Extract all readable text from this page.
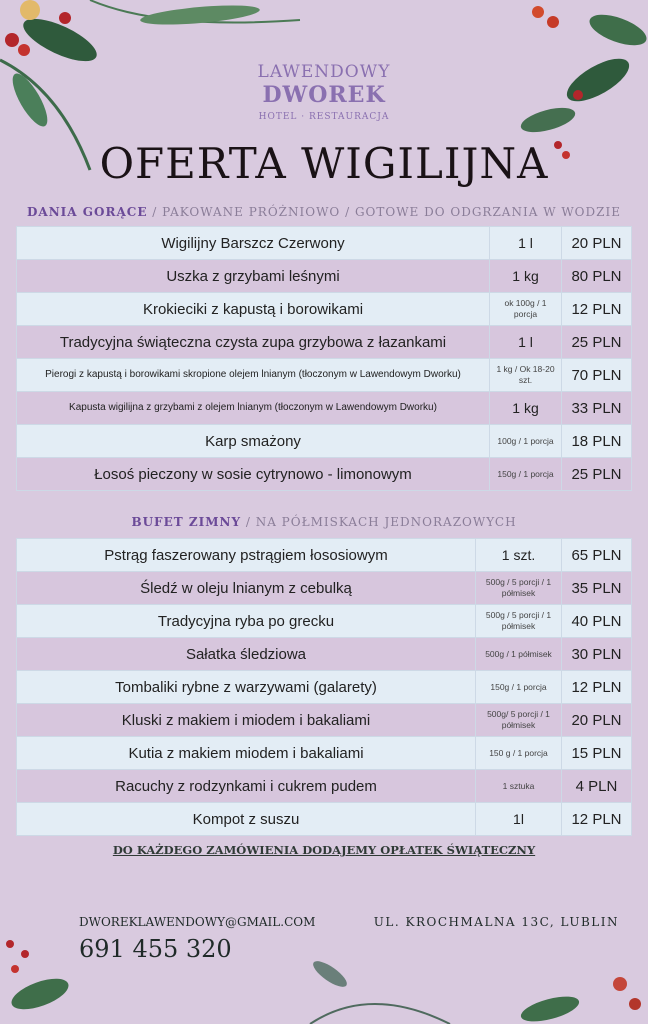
LAWENDOWY
DWOREK
HOTEL · RESTAURACJA
OFERTA WIGILIJNA
DANIA GORĄCE / PAKOWANE PRÓŻNIOWO / GOTOWE DO ODGRZANIA W WODZIE
Wigilijny Barszcz Czerwony	1 l	20 PLN
Uszka z grzybami leśnymi	1 kg	80 PLN
Krokieciki z kapustą i borowikami	ok 100g / 1 porcja	12 PLN
Tradycyjna świąteczna czysta zupa grzybowa z łazankami	1 l	25 PLN
Pierogi z kapustą i borowikami skropione olejem lnianym (tłoczonym w Lawendowym Dworku)	1 kg / Ok 18-20 szt.	70 PLN
Kapusta wigilijna z grzybami z olejem lnianym (tłoczonym w Lawendowym Dworku)	1 kg	33 PLN
Karp smażony	100g / 1 porcja	18 PLN
Łosoś pieczony w sosie cytrynowo - limonowym	150g / 1 porcja	25 PLN
BUFET ZIMNY / NA PÓŁMISKACH JEDNORAZOWYCH
Pstrąg faszerowany pstrągiem łososiowym	1 szt.	65 PLN
Śledź w oleju lnianym z cebulką	500g / 5 porcji / 1 półmisek	35 PLN
Tradycyjna ryba po grecku	500g / 5 porcji / 1 półmisek	40 PLN
Sałatka śledziowa	500g / 1 półmisek	30 PLN
Tombaliki rybne z warzywami (galarety)	150g / 1 porcja	12 PLN
Kluski z makiem i miodem i bakaliami	500g/ 5 porcji / 1 półmisek	20 PLN
Kutia z makiem miodem i bakaliami	150 g / 1 porcja	15 PLN
Racuchy z rodzynkami i cukrem pudem	1 sztuka	4 PLN
Kompot z suszu	1l	12 PLN
DO KAŻDEGO ZAMÓWIENIA DODAJEMY OPŁATEK ŚWIĄTECZNY
DWOREKLAWENDOWY@GMAIL.COM	UL. KROCHMALNA 13C, LUBLIN
691 455 320
